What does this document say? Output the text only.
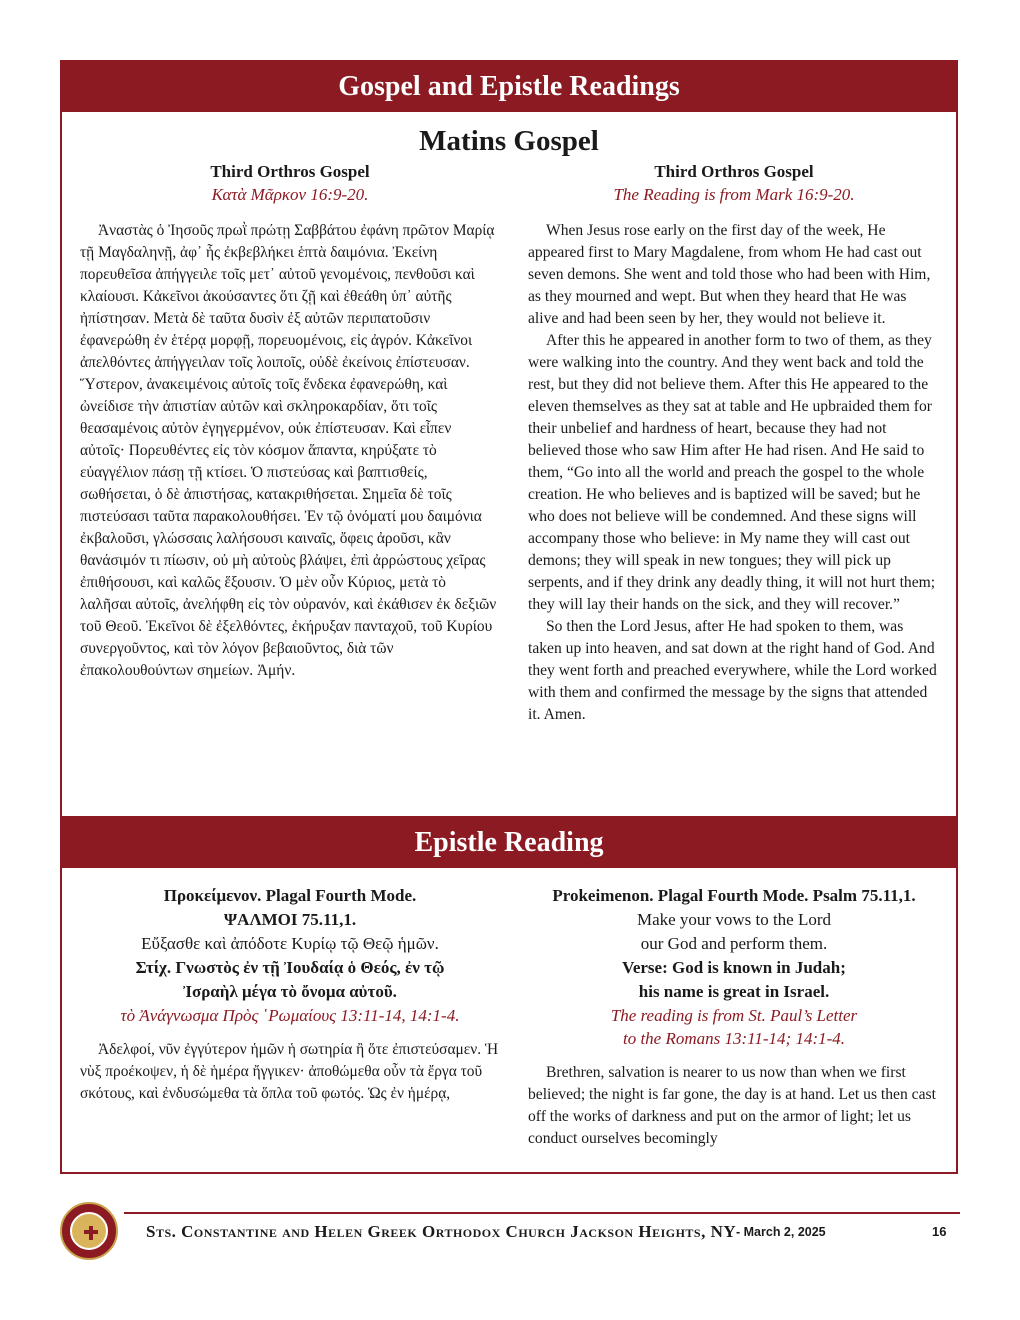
Gospel and Epistle Readings
Matins Gospel
Third Orthros Gospel
Κατὰ Μᾶρκον 16:9-20.

Ἀναστὰς ὁ Ἰησοῦς πρωῒ πρώτῃ Σαββάτου ἐφάνη πρῶτον Μαρίᾳ τῇ Μαγδαληνῇ, ἀφ᾽ ἧς ἐκβεβλήκει ἑπτὰ δαιμόνια. Ἐκείνη πορευθεῖσα ἀπήγγειλε τοῖς μετ᾽ αὐτοῦ γενομένοις, πενθοῦσι καὶ κλαίουσι. Κἀκεῖνοι ἀκούσαντες ὅτι ζῇ καὶ ἐθεάθη ὑπ᾽ αὐτῆς ἠπίστησαν. Μετὰ δὲ ταῦτα δυσὶν ἐξ αὐτῶν περιπατοῦσιν ἐφανερώθη ἐν ἑτέρᾳ μορφῇ, πορευομένοις, εἰς ἀγρόν. Κἀκεῖνοι ἀπελθόντες ἀπήγγειλαν τοῖς λοιποῖς, οὐδὲ ἐκείνοις ἐπίστευσαν. Ὕστερον, ἀνακειμένοις αὐτοῖς τοῖς ἕνδεκα ἐφανερώθη, καὶ ὠνείδισε τὴν ἀπιστίαν αὐτῶν καὶ σκληροκαρδίαν, ὅτι τοῖς θεασαμένοις αὐτὸν ἐγηγερμένον, οὐκ ἐπίστευσαν. Καὶ εἶπεν αὐτοῖς· Πορευθέντες εἰς τὸν κόσμον ἅπαντα, κηρύξατε τὸ εὐαγγέλιον πάσῃ τῇ κτίσει. Ὁ πιστεύσας καὶ βαπτισθείς, σωθήσεται, ὁ δὲ ἀπιστήσας, κατακριθήσεται. Σημεῖα δὲ τοῖς πιστεύσασι ταῦτα παρακολουθήσει. Ἐν τῷ ὀνόματί μου δαιμόνια ἐκβαλοῦσι, γλώσσαις λαλήσουσι καιναῖς, ὄφεις ἀροῦσι, κἂν θανάσιμόν τι πίωσιν, οὐ μὴ αὐτοὺς βλάψει, ἐπὶ ἀρρώστους χεῖρας ἐπιθήσουσι, καὶ καλῶς ἕξουσιν. Ὁ μὲν οὖν Κύριος, μετὰ τὸ λαλῆσαι αὐτοῖς, ἀνελήφθη εἰς τὸν οὐρανόν, καὶ ἐκάθισεν ἐκ δεξιῶν τοῦ Θεοῦ. Ἐκεῖνοι δὲ ἐξελθόντες, ἐκήρυξαν πανταχοῦ, τοῦ Κυρίου συνεργοῦντος, καὶ τὸν λόγον βεβαιοῦντος, διὰ τῶν ἐπακολουθούντων σημείων. Ἀμήν.

Third Orthros Gospel
The Reading is from Mark 16:9-20.

When Jesus rose early on the first day of the week, He appeared first to Mary Magdalene, from whom He had cast out seven demons. She went and told those who had been with Him, as they mourned and wept. But when they heard that He was alive and had been seen by her, they would not believe it.

After this he appeared in another form to two of them, as they were walking into the country. And they went back and told the rest, but they did not believe them. After this He appeared to the eleven themselves as they sat at table and He upbraided them for their unbelief and hardness of heart, because they had not believed those who saw Him after He had risen. And He said to them, “Go into all the world and preach the gospel to the whole creation. He who believes and is baptized will be saved; but he who does not believe will be condemned. And these signs will accompany those who believe: in My name they will cast out demons; they will speak in new tongues; they will pick up serpents, and if they drink any deadly thing, it will not hurt them; they will lay their hands on the sick, and they will recover.”

So then the Lord Jesus, after He had spoken to them, was taken up into heaven, and sat down at the right hand of God. And they went forth and preached everywhere, while the Lord worked with them and confirmed the message by the signs that attended it. Amen.

Epistle Reading
Προκείμενον. Plagal Fourth Mode.
ΨΑΛΜΟΙ 75.11,1.
Εὔξασθε καὶ ἀπόδοτε Κυρίῳ τῷ Θεῷ ἡμῶν.
Στίχ. Γνωστὸς ἐν τῇ Ἰουδαίᾳ ὁ Θεός, ἐν τῷ
Ἰσραὴλ μέγα τὸ ὄνομα αὐτοῦ.
τὸ Ἀνάγνωσμα Πρὸς ῾Ρωμαίους 13:11-14, 14:1-4.

Ἀδελφοί, νῦν ἐγγύτερον ἡμῶν ἡ σωτηρία ἢ ὅτε ἐπιστεύσαμεν. Ἡ νὺξ προέκοψεν, ἡ δὲ ἡμέρα ἤγγικεν· ἀποθώμεθα οὖν τὰ ἔργα τοῦ σκότους, καὶ ἐνδυσώμεθα τὰ ὅπλα τοῦ φωτός. Ὡς ἐν ἡμέρᾳ,

Prokeimenon. Plagal Fourth Mode. Psalm 75.11,1.
Make your vows to the Lord
our God and perform them.
Verse: God is known in Judah;
his name is great in Israel.
The reading is from St. Paul’s Letter
to the Romans 13:11-14; 14:1-4.

Brethren, salvation is nearer to us now than when we first believed; the night is far gone, the day is at hand. Let us then cast off the works of darkness and put on the armor of light; let us conduct ourselves becomingly

Sts. Constantine and Helen Greek Orthodox Church Jackson Heights, NY - March 2, 2025	16
